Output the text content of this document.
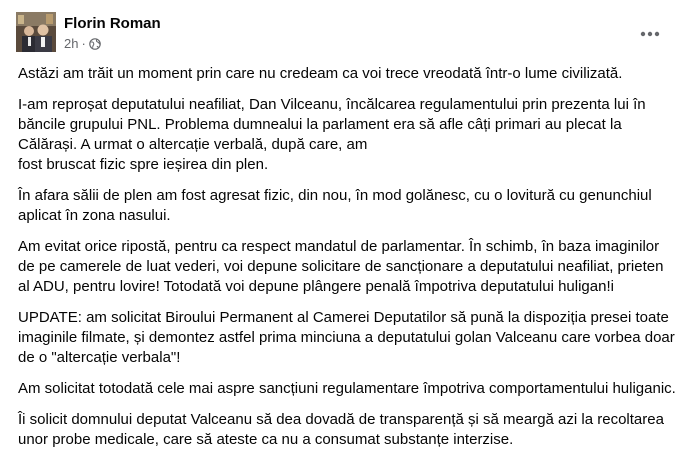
Florin Roman
2h ·

Astăzi am trăit un moment prin care nu credeam ca voi trece vreodată într-o lume civilizată.

I-am reproșat deputatului neafiliat, Dan Vilceanu, încălcarea regulamentului prin prezenta lui în băncile grupului PNL. Problema dumnealui la parlament era să afle câți primari au plecat la Călărași. A urmat o altercație verbală, după care, am
fost bruscat fizic spre ieșirea din plen.

În afara sălii de plen am fost agresat fizic, din nou, în mod golănesc, cu o lovitură cu genunchiul aplicat în zona nasului.

Am evitat orice ripostă, pentru ca respect mandatul de parlamentar. În schimb, în baza imaginilor de pe camerele de luat vederi, voi depune solicitare de sancționare a deputatului neafiliat, prieten al ADU, pentru lovire! Totodată voi depune plângere penală împotriva deputatului huligan!i

UPDATE: am solicitat Biroului Permanent al Camerei Deputatilor să pună la dispoziția presei toate imaginile filmate, și demontez astfel prima minciuna a deputatului golan Valceanu care vorbea doar de o "altercație verbala"!

Am solicitat totodată cele mai aspre sancțiuni regulamentare împotriva comportamentului huliganic.

Îi solicit domnului deputat Valceanu să dea dovadă de transparență și să meargă azi la recoltarea unor probe medicale, care să ateste ca nu a consumat substanțe interzise.
